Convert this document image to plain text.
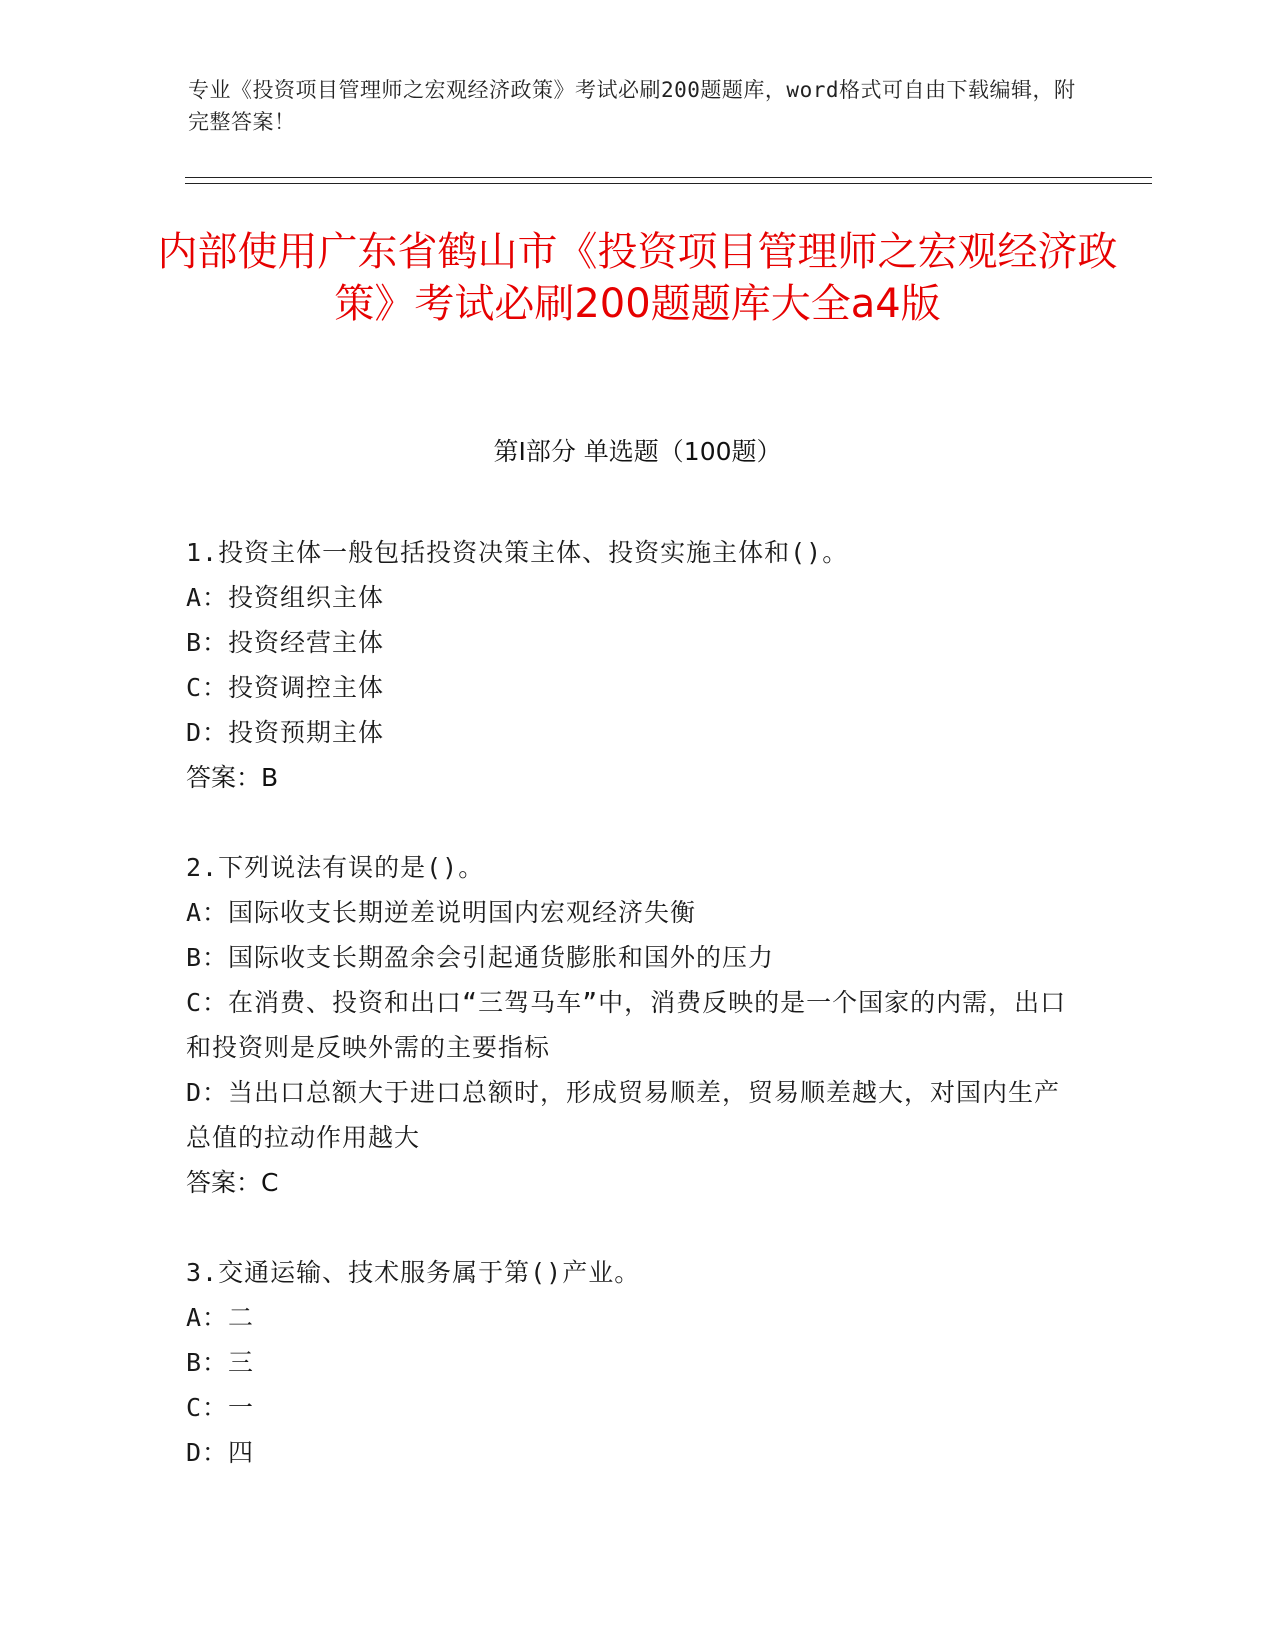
专业《投资项目管理师之宏观经济政策》考试必刷200题题库，word格式可自由下载编辑，附完整答案！
内部使用广东省鹤山市《投资项目管理师之宏观经济政策》考试必刷200题题库大全a4版
第Ⅰ部分 单选题（100题）

1.投资主体一般包括投资决策主体、投资实施主体和()。

A：投资组织主体

B：投资经营主体

C：投资调控主体

D：投资预期主体

答案：B

2.下列说法有误的是()。

A：国际收支长期逆差说明国内宏观经济失衡

B：国际收支长期盈余会引起通货膨胀和国外的压力

C：在消费、投资和出口“三驾马车”中，消费反映的是一个国家的内需，出口和投资则是反映外需的主要指标

D：当出口总额大于进口总额时，形成贸易顺差，贸易顺差越大，对国内生产总值的拉动作用越大

答案：C

3.交通运输、技术服务属于第()产业。

A：二

B：三

C：一

D：四
